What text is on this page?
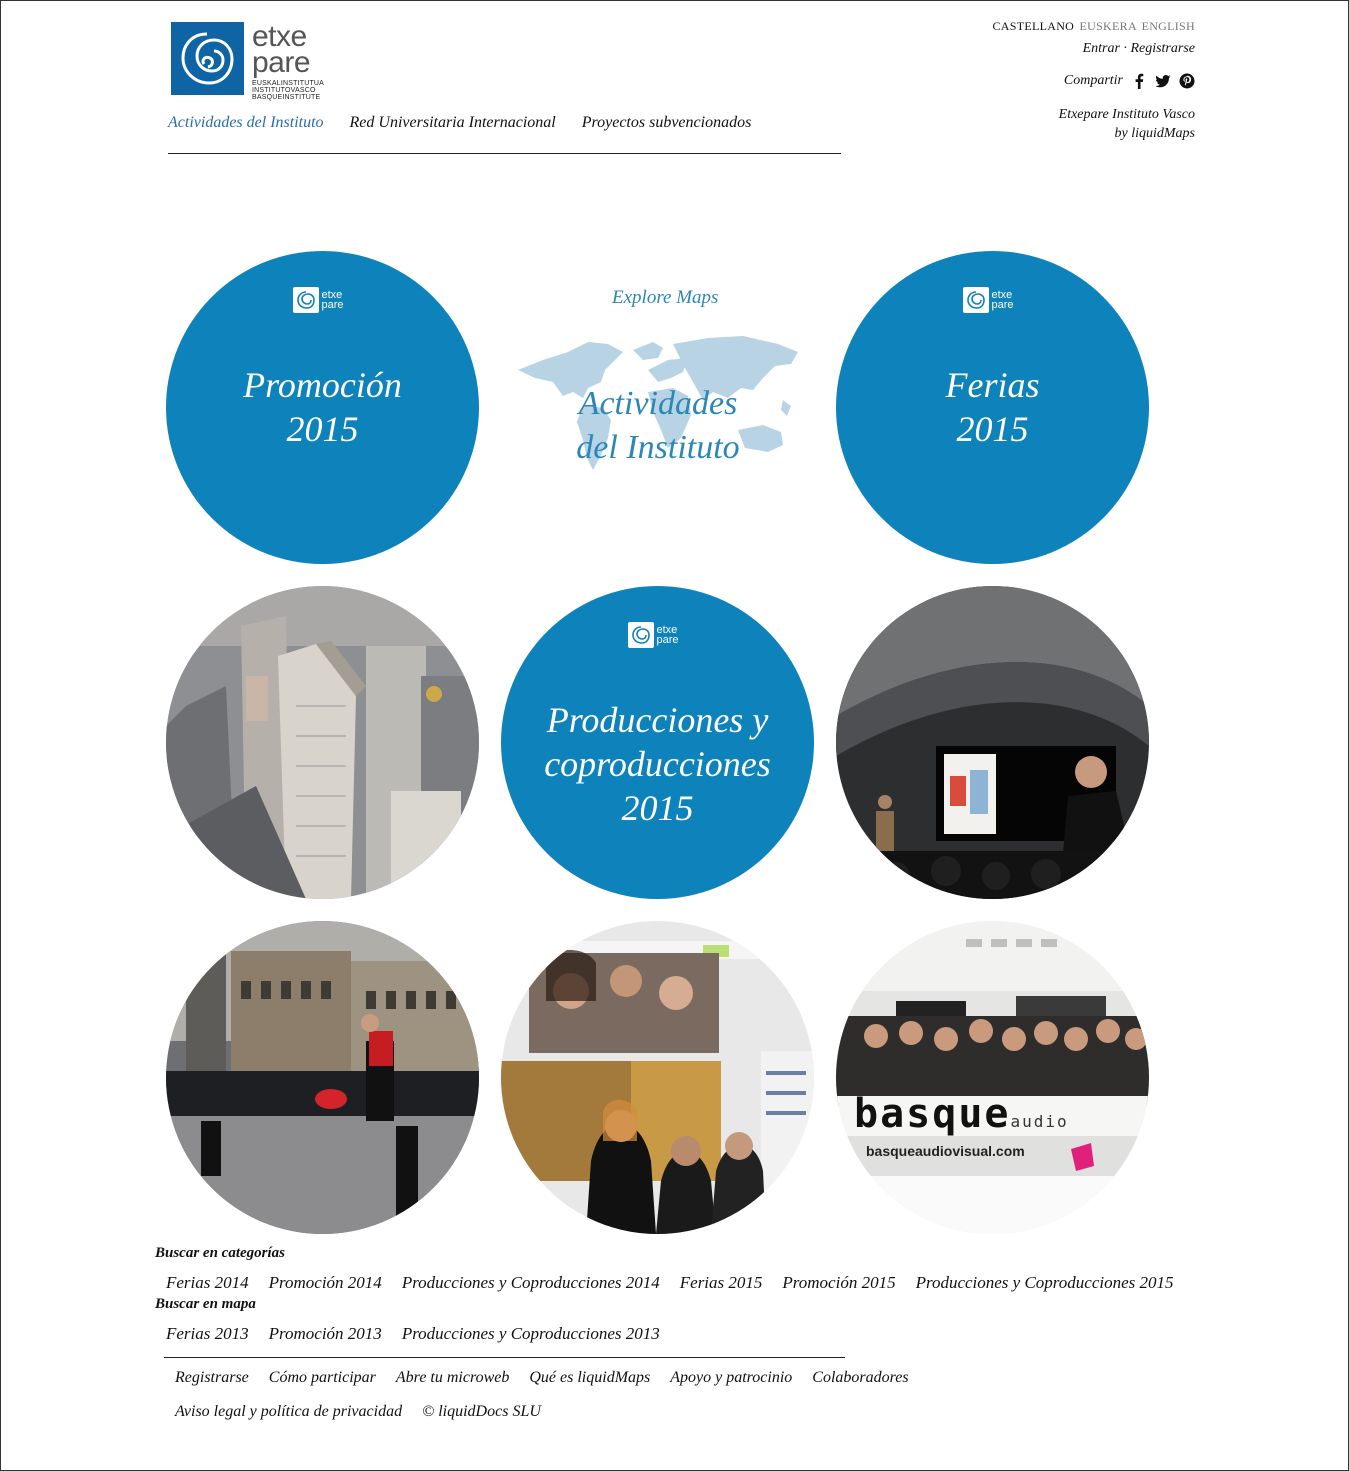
etxe
pare
EUSKALINSTITUTUA
INSTITUTOVASCO
BASQUEINSTITUTE
Actividades del Instituto Red Universitaria Internacional Proyectos subvencionados
CASTELLANO EUSKERA ENGLISH
Entrar · Registrarse
Compartir
Etxepare Instituto Vasco
by liquidMaps
etxe
pare
Promoción
2015
Explore Maps
Actividades
del Instituto
etxe
pare
Ferias
2015
etxe
pare
Producciones y
coproducciones
2015
basqueaudio
basqueaudiovisual.com
Buscar en categorías
Ferias 2014 Promoción 2014 Producciones y Coproducciones 2014 Ferias 2015 Promoción 2015 Producciones y Coproducciones 2015
Buscar en mapa
Ferias 2013 Promoción 2013 Producciones y Coproducciones 2013
Registrarse Cómo participar Abre tu microweb Qué es liquidMaps Apoyo y patrocinio Colaboradores
Aviso legal y política de privacidad © liquidDocs SLU
